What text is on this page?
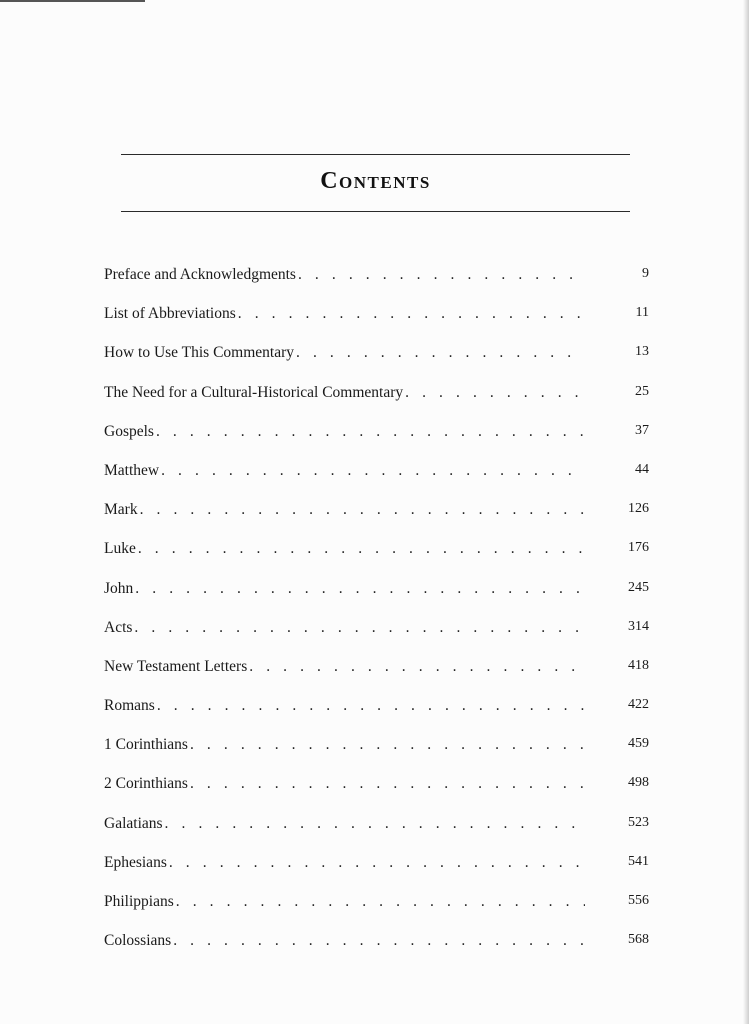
Contents
Preface and Acknowledgments . . .	9
List of Abbreviations . . .	11
How to Use This Commentary . . .	13
The Need for a Cultural-Historical Commentary . . .	25
Gospels . . .	37
Matthew . . .	44
Mark . . .	126
Luke . . .	176
John . . .	245
Acts . . .	314
New Testament Letters . . .	418
Romans . . .	422
1 Corinthians . . .	459
2 Corinthians . . .	498
Galatians . . .	523
Ephesians . . .	541
Philippians . . .	556
Colossians . . .	568
